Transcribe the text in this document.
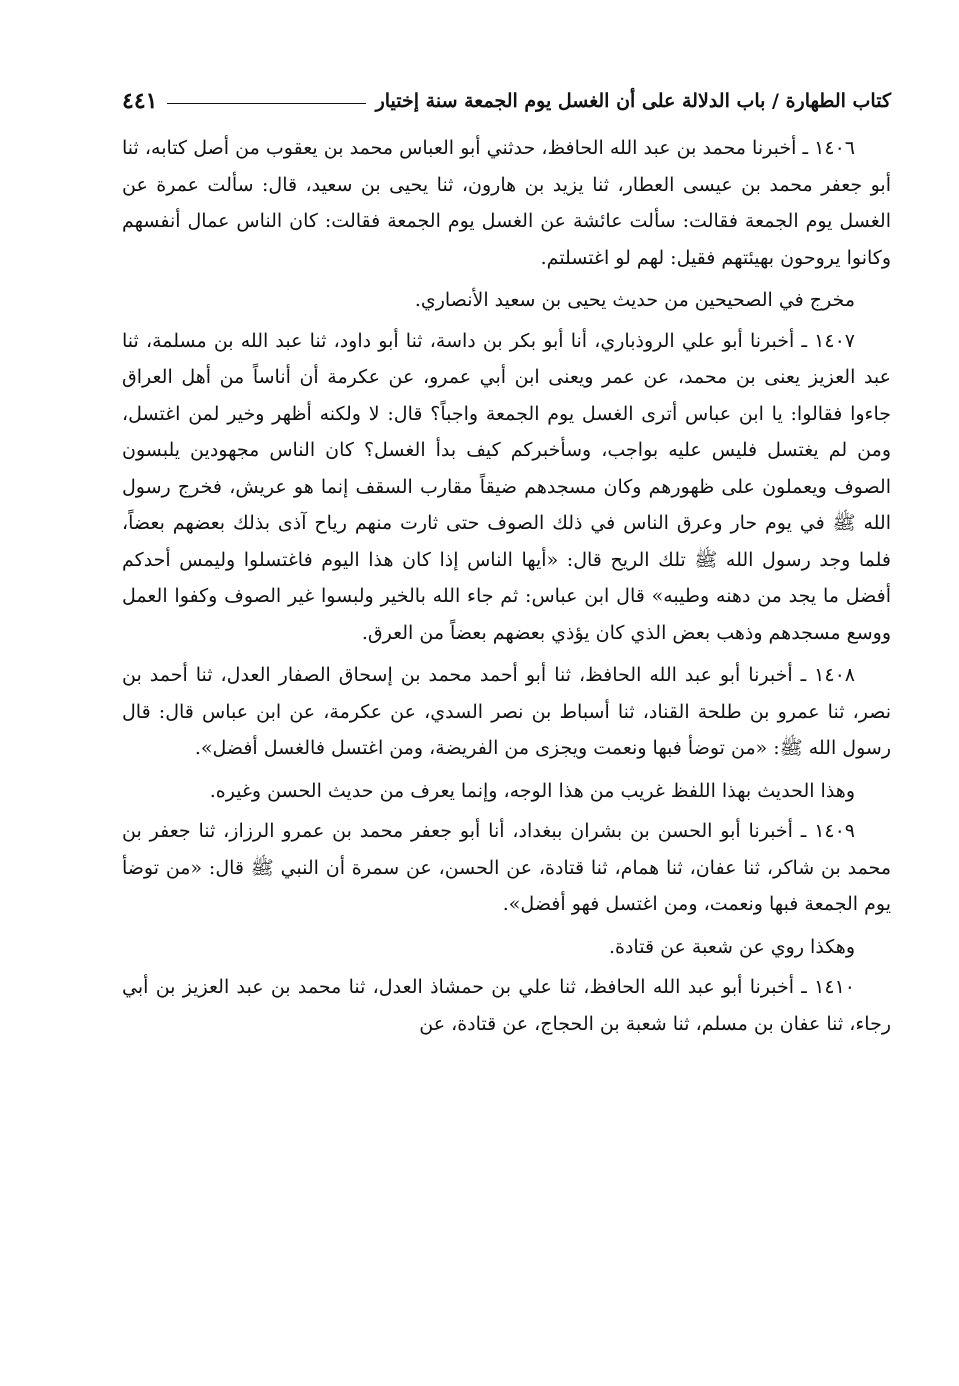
كتاب الطهارة / باب الدلالة على أن الغسل يوم الجمعة سنة إختيار
٤٤١

١٤٠٦ ـ أخبرنا محمد بن عبد الله الحافظ، حدثني أبو العباس محمد بن يعقوب من أصل كتابه، ثنا أبو جعفر محمد بن عيسى العطار، ثنا يزيد بن هارون، ثنا يحيى بن سعيد، قال: سألت عمرة عن الغسل يوم الجمعة فقالت: سألت عائشة عن الغسل يوم الجمعة فقالت: كان الناس عمال أنفسهم وكانوا يروحون بهيئتهم فقيل: لهم لو اغتسلتم.

مخرج في الصحيحين من حديث يحيى بن سعيد الأنصاري.

١٤٠٧ ـ أخبرنا أبو علي الروذباري، أنا أبو بكر بن داسة، ثنا أبو داود، ثنا عبد الله بن مسلمة، ثنا عبد العزيز يعنى بن محمد، عن عمر ويعنى ابن أبي عمرو، عن عكرمة أن أناساً من أهل العراق جاءوا فقالوا: يا ابن عباس أترى الغسل يوم الجمعة واجباً؟ قال: لا ولكنه أظهر وخير لمن اغتسل، ومن لم يغتسل فليس عليه بواجب، وسأخبركم كيف بدأ الغسل؟ كان الناس مجهودين يلبسون الصوف ويعملون على ظهورهم وكان مسجدهم ضيقاً مقارب السقف إنما هو عريش، فخرج رسول الله ﷺ في يوم حار وعرق الناس في ذلك الصوف حتى ثارت منهم رياح آذى بذلك بعضهم بعضاً، فلما وجد رسول الله ﷺ تلك الريح قال: «أيها الناس إذا كان هذا اليوم فاغتسلوا وليمس أحدكم أفضل ما يجد من دهنه وطيبه» قال ابن عباس: ثم جاء الله بالخير ولبسوا غير الصوف وكفوا العمل ووسع مسجدهم وذهب بعض الذي كان يؤذي بعضهم بعضاً من العرق.

١٤٠٨ ـ أخبرنا أبو عبد الله الحافظ، ثنا أبو أحمد محمد بن إسحاق الصفار العدل، ثنا أحمد بن نصر، ثنا عمرو بن طلحة القناد، ثنا أسباط بن نصر السدي، عن عكرمة، عن ابن عباس قال: قال رسول الله ﷺ: «من توضأ فبها ونعمت ويجزى من الفريضة، ومن اغتسل فالغسل أفضل».

وهذا الحديث بهذا اللفظ غريب من هذا الوجه، وإنما يعرف من حديث الحسن وغيره.

١٤٠٩ ـ أخبرنا أبو الحسن بن بشران ببغداد، أنا أبو جعفر محمد بن عمرو الرزاز، ثنا جعفر بن محمد بن شاكر، ثنا عفان، ثنا همام، ثنا قتادة، عن الحسن، عن سمرة أن النبي ﷺ قال: «من توضأ يوم الجمعة فبها ونعمت، ومن اغتسل فهو أفضل».

وهكذا روي عن شعبة عن قتادة.

١٤١٠ ـ أخبرنا أبو عبد الله الحافظ، ثنا علي بن حمشاذ العدل، ثنا محمد بن عبد العزيز بن أبي رجاء، ثنا عفان بن مسلم، ثنا شعبة بن الحجاج، عن قتادة، عن
